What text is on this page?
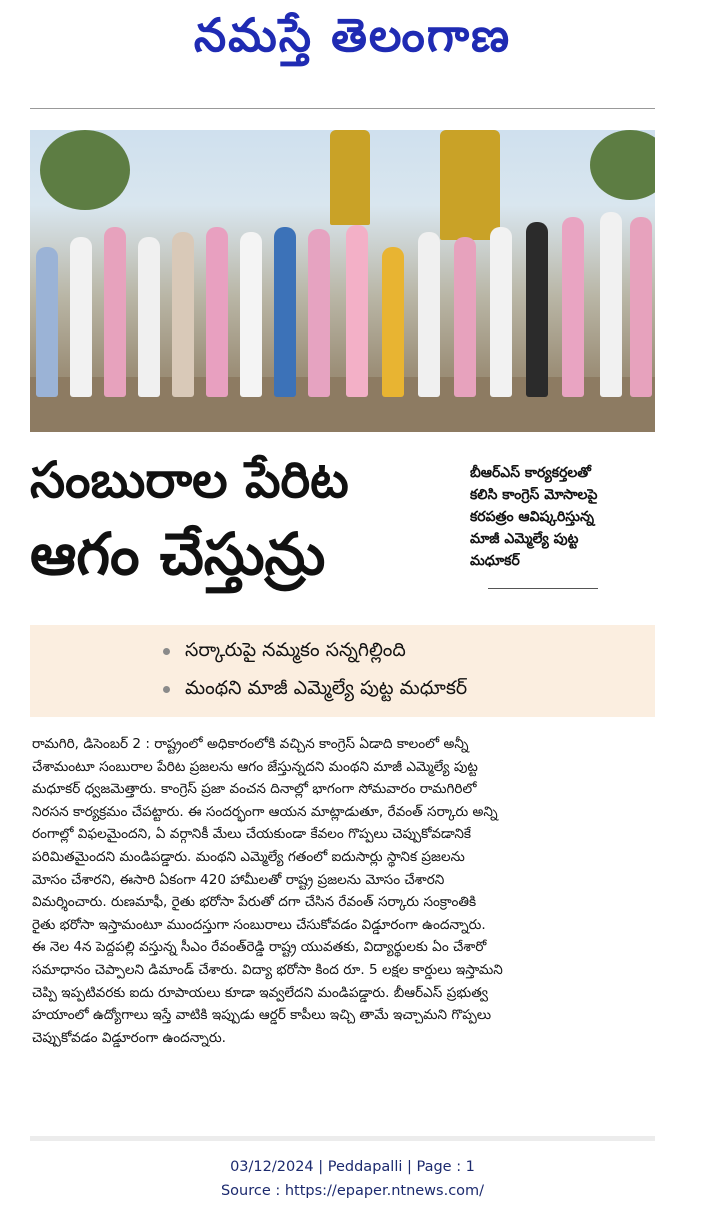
నమస్తే తెలంగాణ
సంబురాల పేరిట
ఆగం చేస్తున్రు
బీఆర్ఎస్ కార్యకర్తలతో
కలిసి కాంగ్రెస్ మోసాలపై
కరపత్రం ఆవిష్కరిస్తున్న
మాజీ ఎమ్మెల్యే పుట్ట
మధూకర్
సర్కారుపై నమ్మకం సన్నగిల్లింది
మంథని మాజీ ఎమ్మెల్యే పుట్ట మధూకర్
రామగిరి, డిసెంబర్ 2 : రాష్ట్రంలో అధికారంలోకి వచ్చిన కాంగ్రెస్ ఏడాది కాలంలో అన్నీ
చేశామంటూ సంబురాల పేరిట ప్రజలను ఆగం జేస్తున్నదని మంథని మాజీ ఎమ్మెల్యే పుట్ట
మధూకర్ ధ్వజమెత్తారు. కాంగ్రెస్ ప్రజా వంచన దినాల్లో భాగంగా సోమవారం రామగిరిలో
నిరసన కార్యక్రమం చేపట్టారు. ఈ సందర్భంగా ఆయన మాట్లాడుతూ, రేవంత్ సర్కారు అన్ని
రంగాల్లో విఫలమైందని, ఏ వర్గానికీ మేలు చేయకుండా కేవలం గొప్పలు చెప్పుకోవడానికే
పరిమితమైందని మండిపడ్డారు. మంథని ఎమ్మెల్యే గతంలో ఐదుసార్లు స్థానిక ప్రజలను
మోసం చేశారని, ఈసారి ఏకంగా 420 హామీలతో రాష్ట్ర ప్రజలను మోసం చేశారని
విమర్శించారు. రుణమాఫీ, రైతు భరోసా పేరుతో దగా చేసిన రేవంత్ సర్కారు సంక్రాంతికి
రైతు భరోసా ఇస్తామంటూ ముందస్తుగా సంబురాలు చేసుకోవడం విడ్డూరంగా ఉందన్నారు.
ఈ నెల 4న పెద్దపల్లి వస్తున్న సీఎం రేవంత్‌రెడ్డి రాష్ట్ర యువతకు, విద్యార్థులకు ఏం చేశారో
సమాధానం చెప్పాలని డిమాండ్ చేశారు. విద్యా భరోసా కింద రూ. 5 లక్షల కార్డులు ఇస్తామని
చెప్పి ఇప్పటివరకు ఐదు రూపాయలు కూడా ఇవ్వలేదని మండిపడ్డారు. బీఆర్ఎస్ ప్రభుత్వ
హయాంలో ఉద్యోగాలు ఇస్తే వాటికి ఇప్పుడు ఆర్డర్ కాపీలు ఇచ్చి తామే ఇచ్చామని గొప్పలు
చెప్పుకోవడం విడ్డూరంగా ఉందన్నారు.
03/12/2024 | Peddapalli | Page : 1
Source : https://epaper.ntnews.com/
